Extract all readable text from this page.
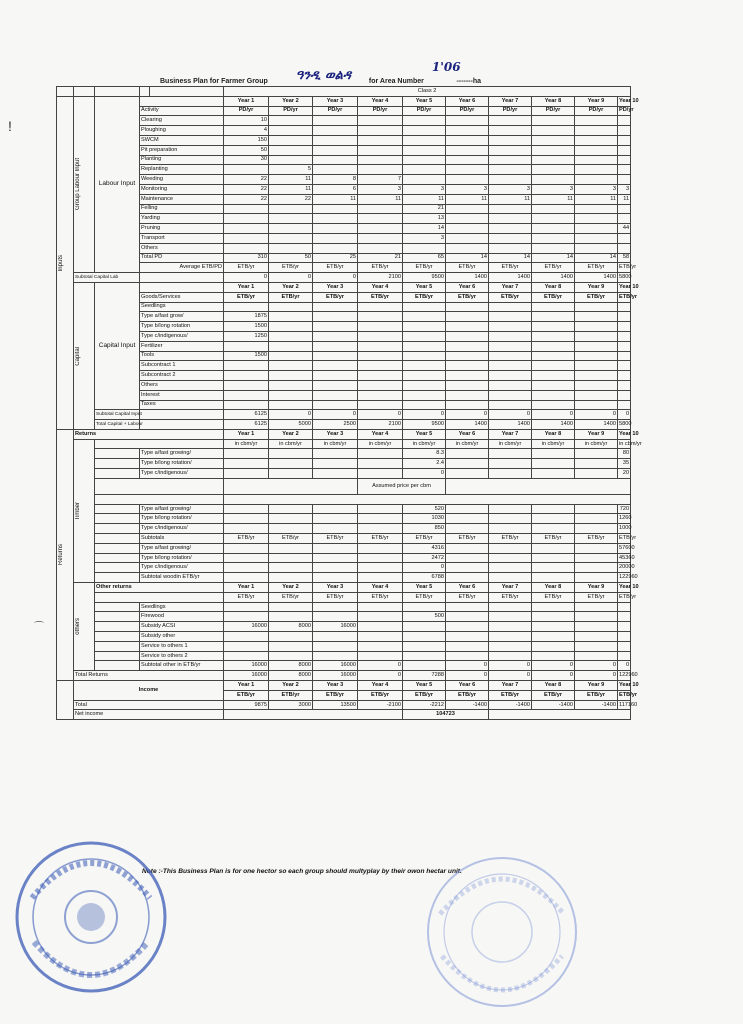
Business Plan for Farmer Group ዓንዲ ወልዳ	for Area Number 1'06 -------ha
					Class 2										

Inputs	Group Labour Input	Labour Input			Year 1	Year 2	Year 3	Year 4	Year 5	Year 6	Year 7	Year 8	Year 9	Year 10	
			Activity		PD/yr	PD/yr	PD/yr	PD/yr	PD/yr	PD/yr	PD/yr	PD/yr	PD/yr	PD/yr	
			Clearing		10										
			Ploughing		4										
			SWCM		150										
			Pit preparation		50										
			Planting		30										
			Replanting			5									
			Weeding		22	11	8	7							
			Monitoring		22	11	6	3	3	3	3	3	3	3	
			Maintenance		22	22	11	11	11	11	11	11	11	11	
			Felling						21						
			Yarding						13						
			Pruning						14					44	
			Transport						3						
			Others												
			Total PD		310	50	25	21	65	14	14	14	14	58	
			Average ETB/PD		ETB/yr	ETB/yr	ETB/yr	ETB/yr	ETB/yr	ETB/yr	ETB/yr	ETB/yr	ETB/yr	ETB/yr	
	Subtotal Capital Lab				0	0	0	2100	9500	1400	1400	1400	1400	5800	

	Capital	Capital Input			Year 1	Year 2	Year 3	Year 4	Year 5	Year 6	Year 7	Year 8	Year 9	Year 10	
			Goods/Services		ETB/yr	ETB/yr	ETB/yr	ETB/yr	ETB/yr	ETB/yr	ETB/yr	ETB/yr	ETB/yr	ETB/yr	
			Seedlings												
			Type a/fast grow/		1875										
			Type b/long rotation		1500										
			Type c/indigenous/		1250										
			Fertilizer												
			Tools		1500										
			Subcontract 1												
			Subcontract 2												
			Others												
			Interest												
			Taxes												
		Subtotal Capital Input			6125	0	0	0	0	0	0	0	0	0	
		Total Capital + Labour			6125	5000	2500	2100	9500	1400	1400	1400	1400	5800	

Returns	Returns				Year 1	Year 2	Year 3	Year 4	Year 5	Year 6	Year 7	Year 8	Year 9	Year 10	

	Timber				in cbm/yr	in cbm/yr	in cbm/yr	in cbm/yr	in cbm/yr	in cbm/yr	in cbm/yr	in cbm/yr	in cbm/yr	in cbm/yr	
			Type a/fast growing/						8.3					80	
			Type b/long rotation/						2.4					35	
			Type c/indigenous/						0					20	
								Assumed price per cbm							

			Type a/fast growing/						520					720	
			Type b/long rotation/						1030					1260	
			Type c/indigenous/						850					1000	
			Subtotals		ETB/yr	ETB/yr	ETB/yr	ETB/yr	ETB/yr	ETB/yr	ETB/yr	ETB/yr	ETB/yr	ETB/yr	
			Type a/fast growing/						4316					57600	
			Type b/long rotation/						2472					45360	
			Type c/indigenous/						0					20000	
			Subtotal woodin ETB/yr						6788					122960	

	others	Other returns			Year 1	Year 2	Year 3	Year 4	Year 5	Year 6	Year 7	Year 8	Year 9	Year 10	
					ETB/yr	ETB/yr	ETB/yr	ETB/yr	ETB/yr	ETB/yr	ETB/yr	ETB/yr	ETB/yr	ETB/yr	
			Seedlings												
			Firewood						500						
			Subsidy ACSI		16000	8000	16000								
			Subsidy other												
			Service to others 1												
			Service to others 2												
			Subtotal other in ETB/yr		16000	8000	16000	0		0	0	0	0	0	
	Total Returns				16000	8000	16000	0	7288	0	0	0	0	122960	
	Income				Year 1	Year 2	Year 3	Year 4	Year 5	Year 6	Year 7	Year 8	Year 9	Year 10	
					ETB/yr	ETB/yr	ETB/yr	ETB/yr	ETB/yr	ETB/yr	ETB/yr	ETB/yr	ETB/yr	ETB/yr	
	Total				9875	3000	13500	-2100	-2212	-1400	-1400	-1400	-1400	117160	
	Net income								104723						
Note :-This Business Plan is for one hector so each group should multyplay by their owon hectar unit.
!
⌒
